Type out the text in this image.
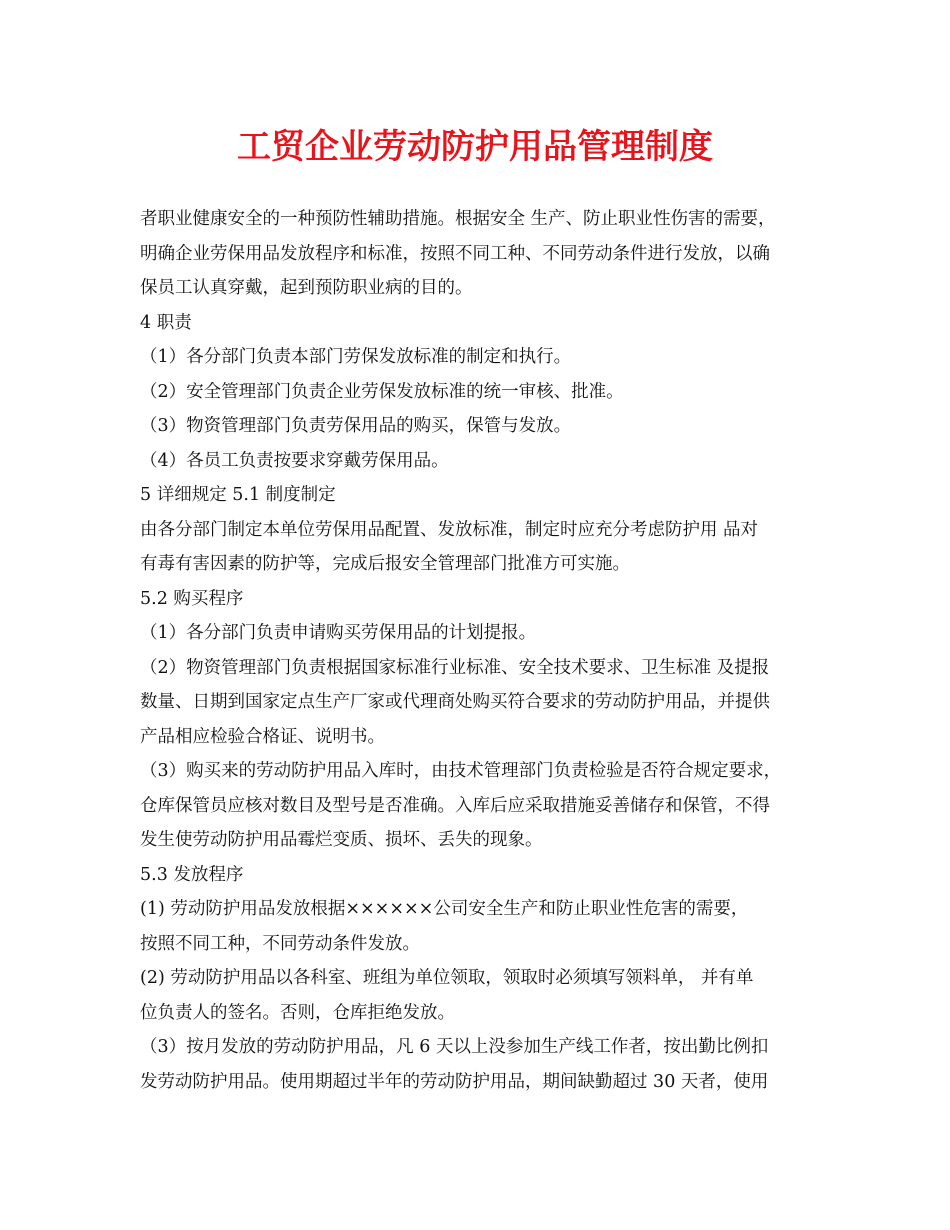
工贸企业劳动防护用品管理制度
者职业健康安全的一种预防性辅助措施。根据安全 生产、防止职业性伤害的需要，
明确企业劳保用品发放程序和标准，按照不同工种、不同劳动条件进行发放，以确
保员工认真穿戴，起到预防职业病的目的。
4 职责
（1）各分部门负责本部门劳保发放标准的制定和执行。
（2）安全管理部门负责企业劳保发放标准的统一审核、批准。
（3）物资管理部门负责劳保用品的购买，保管与发放。
（4）各员工负责按要求穿戴劳保用品。
5 详细规定 5.1 制度制定
由各分部门制定本单位劳保用品配置、发放标准，制定时应充分考虑防护用 品对
有毒有害因素的防护等，完成后报安全管理部门批准方可实施。
5.2 购买程序
（1）各分部门负责申请购买劳保用品的计划提报。
（2）物资管理部门负责根据国家标准行业标准、安全技术要求、卫生标准 及提报
数量、日期到国家定点生产厂家或代理商处购买符合要求的劳动防护用品，并提供
产品相应检验合格证、说明书。
（3）购买来的劳动防护用品入库时，由技术管理部门负责检验是否符合规定要求，
仓库保管员应核对数目及型号是否准确。入库后应采取措施妥善储存和保管，不得
发生使劳动防护用品霉烂变质、损坏、丢失的现象。
5.3 发放程序
(1) 劳动防护用品发放根据××××××公司安全生产和防止职业性危害的需要，
按照不同工种，不同劳动条件发放。
(2) 劳动防护用品以各科室、班组为单位领取，领取时必须填写领料单， 并有单
位负责人的签名。否则，仓库拒绝发放。
（3）按月发放的劳动防护用品，凡 6 天以上没参加生产线工作者，按出勤比例扣
发劳动防护用品。使用期超过半年的劳动防护用品，期间缺勤超过 30 天者，使用
